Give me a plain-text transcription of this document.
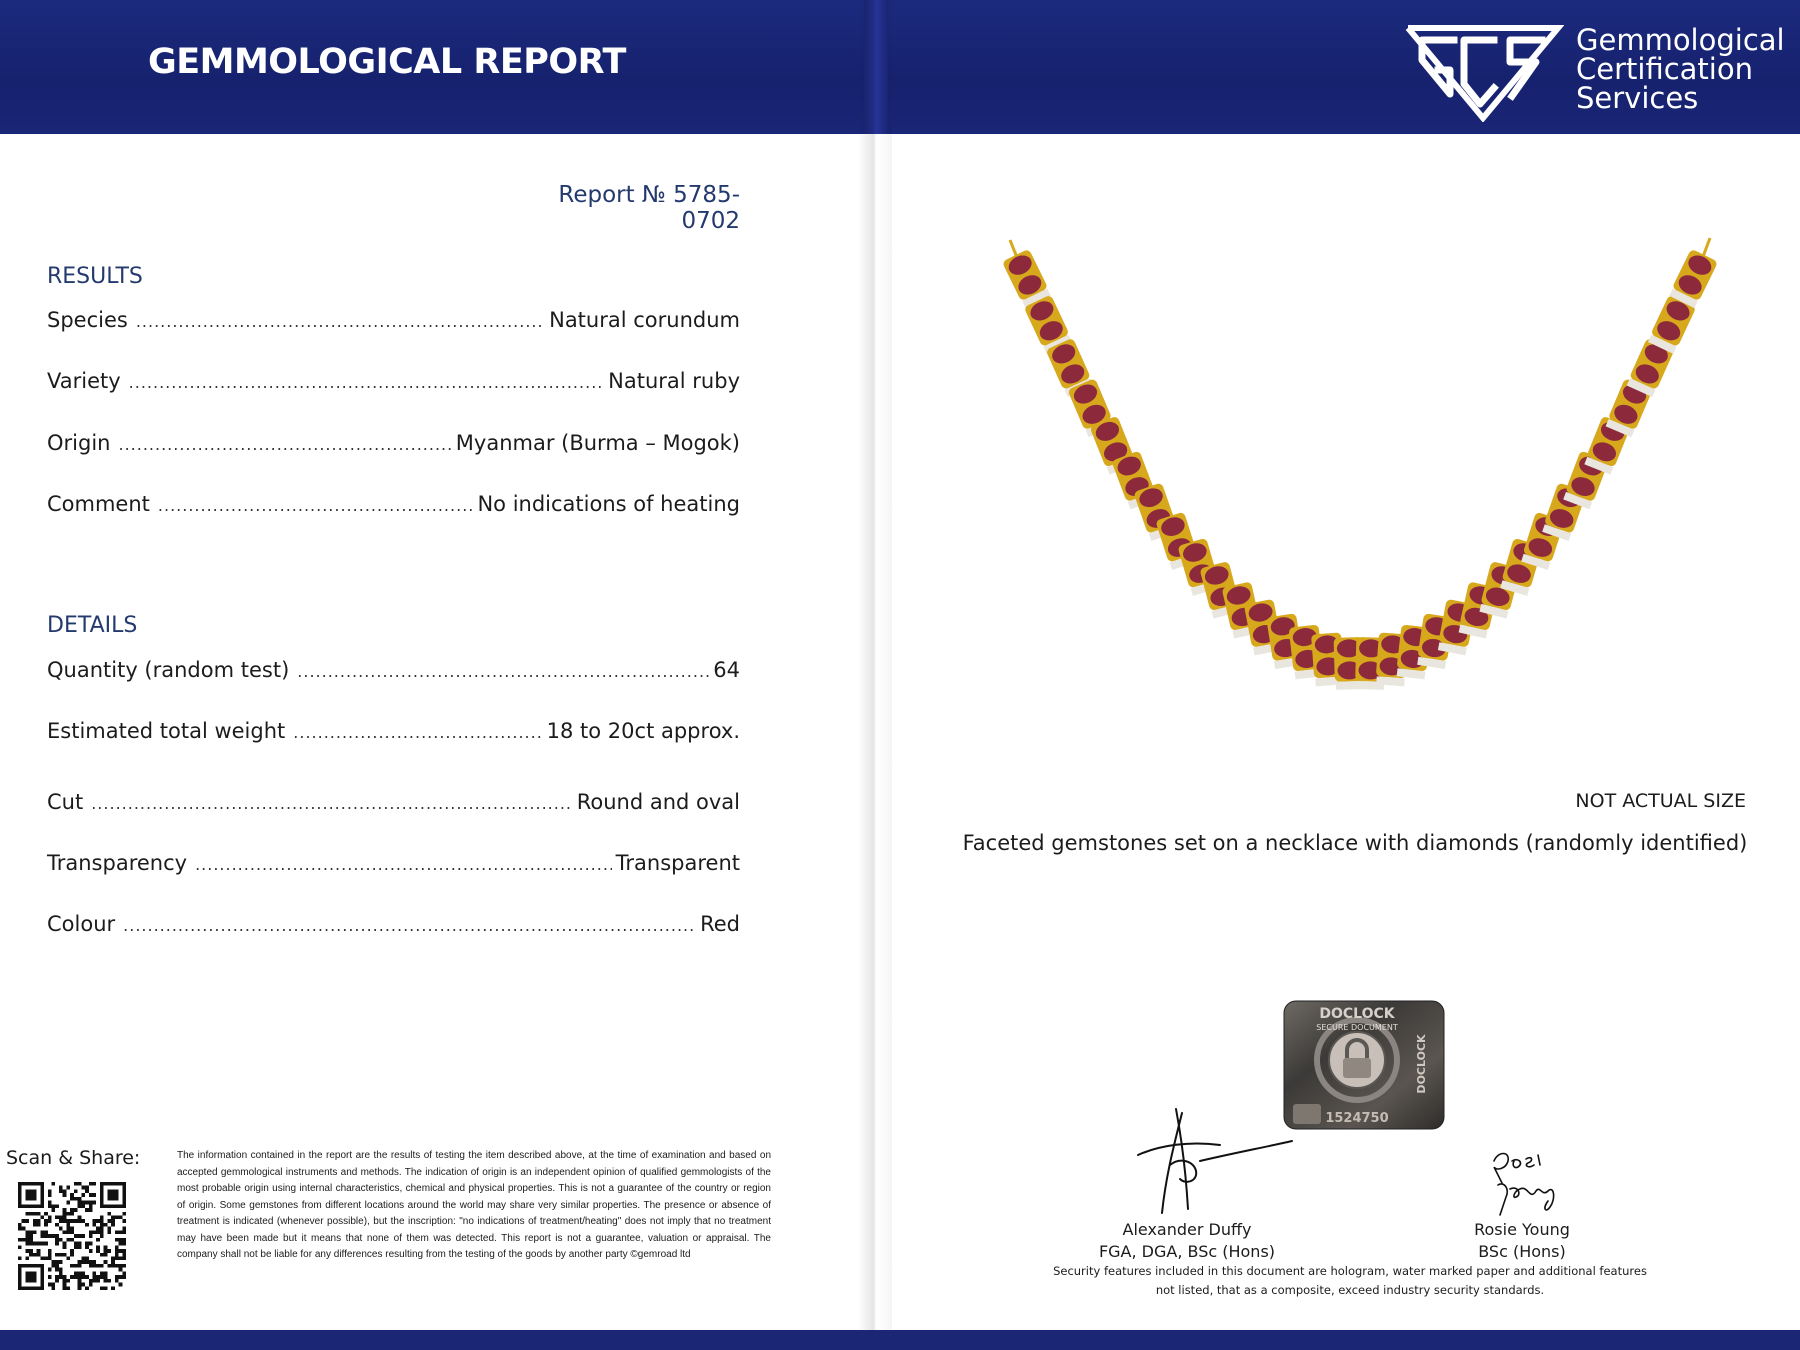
GEMMOLOGICAL REPORT
Gemmological
Certification
Services
Report № 5785-0702
RESULTS
Species .....	Natural corundum
Variety .....	Natural ruby
Origin .....	Myanmar (Burma – Mogok)
Comment .....	No indications of heating
DETAILS
Quantity (random test) .....	64
Estimated total weight .....	18 to 20ct approx.
Cut .....	Round and oval
Transparency .....	Transparent
Colour .....	Red
NOT ACTUAL SIZE
Faceted gemstones set on a necklace with diamonds (randomly identified)
DOCLOCK
SECURE DOCUMENT
DOCLOCK
1524750
Alexander Duffy
FGA, DGA, BSc (Hons)
Rosie Young
BSc (Hons)
Security features included in this document are hologram, water marked paper and additional features not listed, that as a composite, exceed industry security standards.
Scan & Share:	The information contained in the report are the results of testing the item described above, at the time of examination and based on accepted gemmological instruments and methods. The indication of origin is an independent opinion of qualified gemmologists of the most probable origin using internal characteristics, chemical and physical properties. This is not a guarantee of the country or region of origin. Some gemstones from different locations around the world may share very similar properties. The presence or absence of treatment is indicated (whenever possible), but the inscription: "no indications of treatment/heating" does not imply that no treatment may have been made but it means that none of them was detected. This report is not a guarantee, valuation or appraisal. The company shall not be liable for any differences resulting from the testing of the goods by another party ©gemroad ltd
